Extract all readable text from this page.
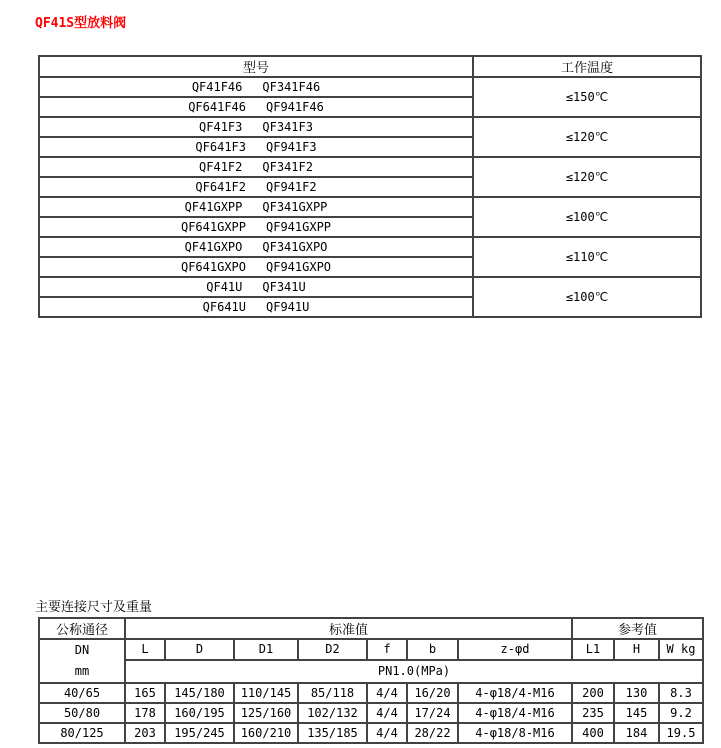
QF41S型放料阀
型号	工作温度

QF41F46 QF341F46	≤150℃

QF641F46 QF941F46	

QF41F3 QF341F3	≤120℃

QF641F3 QF941F3	

QF41F2 QF341F2	≤120℃

QF641F2 QF941F2	

QF41GXPP QF341GXPP	≤100℃

QF641GXPP QF941GXPP	

QF41GXPO QF341GXPO	≤110℃

QF641GXPO QF941GXPO	

QF41U QF341U	≤100℃

QF641U QF941U	
主要连接尺寸及重量
公称通径	标准值							参考值		

DN
mm	L	D	D1	D2	f	b	z-φd	L1	H	W kg
	PN1.0(MPa)									
40/65	165	145/180	110/145	85/118	4/4	16/20	4-φ18/4-M16	200	130	8.3
50/80	178	160/195	125/160	102/132	4/4	17/24	4-φ18/4-M16	235	145	9.2
80/125	203	195/245	160/210	135/185	4/4	28/22	4-φ18/8-M16	400	184	19.5
